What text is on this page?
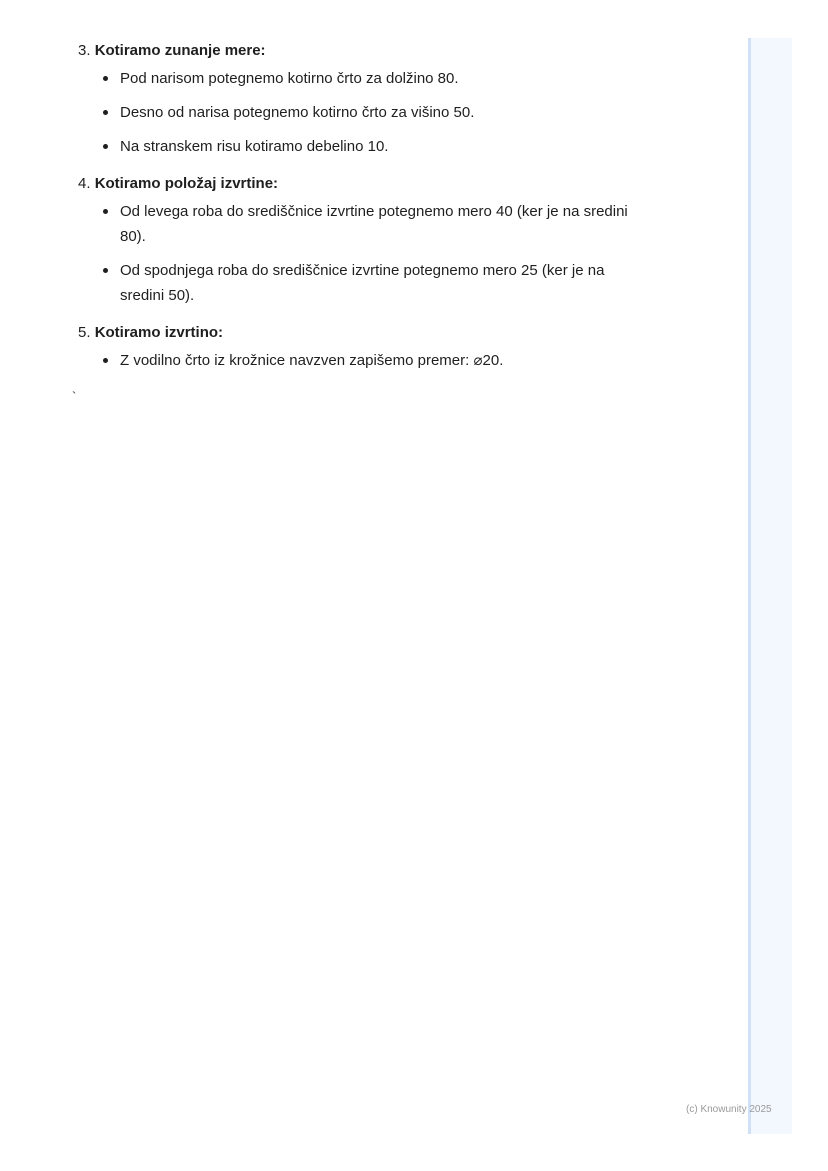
3. Kotiramo zunanje mere:

Pod narisom potegnemo kotirno črto za dolžino 80.
Desno od narisa potegnemo kotirno črto za višino 50.
Na stranskem risu kotiramo debelino 10.

4. Kotiramo položaj izvrtine:

Od levega roba do središčnice izvrtine potegnemo mero 40 (ker je na sredini 80).
Od spodnjega roba do središčnice izvrtine potegnemo mero 25 (ker je na sredini 50).

5. Kotiramo izvrtino:

Z vodilno črto iz krožnice navzven zapišemo premer: ⌀20.
`
(c) Knowunity 2025
